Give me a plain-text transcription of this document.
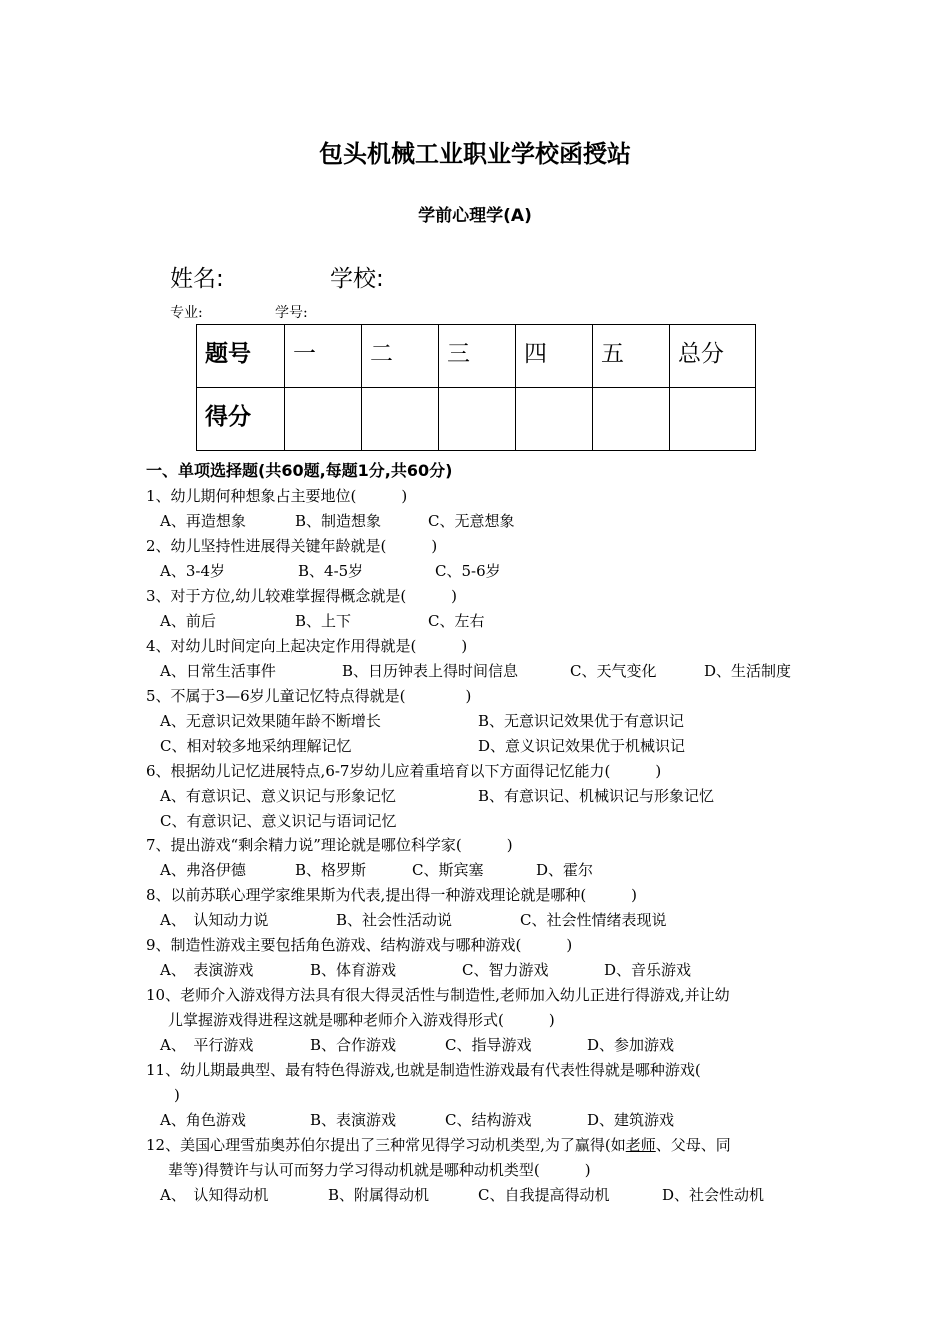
包头机械工业职业学校函授站
学前心理学(A)
姓名:	学校:
专业:	学号:
题号	一	二	三	四	五	总分
得分						
一、单项选择题(共60题,每题1分,共60分)
1、幼儿期何种想象占主要地位(　　　)
A、再造想象	B、制造想象	C、无意想象
2、幼儿坚持性进展得关键年龄就是(　　　)
A、3-4岁	B、4-5岁	C、5-6岁
3、对于方位,幼儿较难掌握得概念就是(　　　)
A、前后	B、上下	C、左右
4、对幼儿时间定向上起决定作用得就是(　　　)
A、日常生活事件	B、日历钟表上得时间信息	C、天气变化	D、生活制度
5、不属于3—6岁儿童记忆特点得就是(　　　　)
A、无意识记效果随年龄不断增长	B、无意识记效果优于有意识记
C、相对较多地采纳理解记忆	D、意义识记效果优于机械识记
6、根据幼儿记忆进展特点,6-7岁幼儿应着重培育以下方面得记忆能力(　　　)
A、有意识记、意义识记与形象记忆	B、有意识记、机械识记与形象记忆
C、有意识记、意义识记与语词记忆
7、提出游戏“剩余精力说”理论就是哪位科学家(　　　)
A、弗洛伊德	B、格罗斯	C、斯宾塞	D、霍尔
8、以前苏联心理学家维果斯为代表,提出得一种游戏理论就是哪种(　　　)
A、　认知动力说	B、社会性活动说	C、社会性情绪表现说
9、制造性游戏主要包括角色游戏、结构游戏与哪种游戏(　　　)
A、　表演游戏	B、体育游戏	C、智力游戏	D、音乐游戏
10、老师介入游戏得方法具有很大得灵活性与制造性,老师加入幼儿正进行得游戏,并让幼
儿掌握游戏得进程这就是哪种老师介入游戏得形式(　　　)
A、　平行游戏	B、合作游戏	C、指导游戏	D、参加游戏
11、幼儿期最典型、最有特色得游戏,也就是制造性游戏最有代表性得就是哪种游戏(
)
A、角色游戏	B、表演游戏	C、结构游戏	D、建筑游戏
12、美国心理雪茄奥苏伯尔提出了三种常见得学习动机类型,为了赢得(如老师、父母、同
辈等)得赞许与认可而努力学习得动机就是哪种动机类型(　　　)
A、　认知得动机	B、附属得动机	C、自我提高得动机	D、社会性动机
